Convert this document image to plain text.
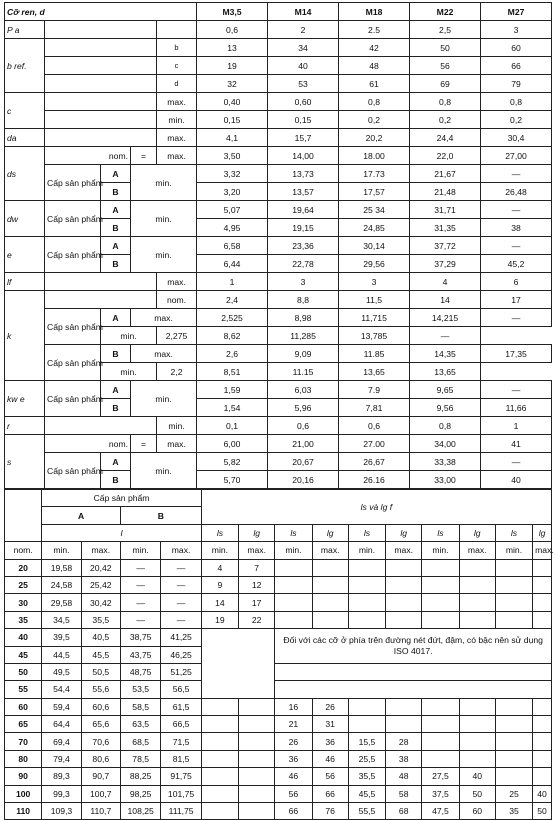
Cỡ ren, d					M3,5	M14	M18	M22	M27
P a					0,6	2	2.5	2,5	3
b ref.				b	13	34	42	50	60
				c	19	40	48	56	66
				d	32	53	61	69	79
c				max.	0,40	0,60	0,8	0,8	0,8
				min.	0,15	0,15	0,2	0,2	0,2
da				max.	4,1	15,7	20,2	24,4	30,4
ds	nom.		=	max.	3,50	14,00	18.00	22,0	27,00
	Cấp sản phẩm	A	min.		3,32	13,73	17.73	21,67	—
		B			3,20	13,57	17,57	21,48	26,48
dw	Cấp sản phẩm	A	min.		5,07	19,64	25 34	31,71	—
		B			4,95	19,15	24,85	31,35	38
e	Cấp sản phẩm	A	min.		6,58	23,36	30,14	37,72	—
		B			6,44	22,78	29,56	37,29	45,2
lf				max.	1	3	3	4	6
k				nom.	2,4	8,8	11,5	14	17
	Cấp sản phẩm	A	max.		2,525	8,98	11,715	14,215	—
		min.		2,275	8,62	11,285	13,785	—	
	Cấp sản phẩm	B	max.		2,6	9,09	11.85	14,35	17,35
		min.		2,2	8,51	11.15	13,65	13,65	
kw e	Cấp sản phẩm	A	min.		1,59	6,03	7.9	9,65	—
		B			1,54	5,96	7,81	9,56	11,66
r				min.	0,1	0,6	0,6	0,8	1
s	nom.		=	max.	6,00	21,00	27.00	34,00	41
	Cấp sản phẩm	A	min.		5,82	20,67	26,67	33,38	—
		B			5,70	20,16	26.16	33,00	40
	Cấp sản phẩm				ls và lg f									
	A		B											
	l				ls	lg	ls	lg	ls	lg	ls	lg	ls	lg
nom.	min.	max.	min.	max.	min.	max.	min.	max.	min.	max.	min.	max.	min.	max.
20	19,58	20,42	—	—	4	7								
25	24,58	25,42	—	—	9	12								
30	29,58	30,42	—	—	14	17								
35	34,5	35,5	—	—	19	22								
40	39,5	40,5	38,75	41,25			Đối với các cỡ ở phía trên đường nét đứt, đậm, có bậc nên sử dụng ISO 4017.							
45	44,5	45,5	43,75	46,25										
50	49,5	50,5	48,75	51,25										
55	54,4	55,6	53,5	56,5										
60	59,4	60,6	58,5	61,5			16	26						
65	64,4	65,6	63,5	66,5			21	31						
70	69,4	70,6	68,5	71,5			26	36	15,5	28				
80	79,4	80,6	78,5	81,5			36	46	25,5	38				
90	89,3	90,7	88,25	91,75			46	56	35,5	48	27,5	40		
100	99,3	100,7	98,25	101,75			56	66	45,5	58	37,5	50	25	40
110	109,3	110,7	108,25	111,75			66	76	55,5	68	47,5	60	35	50
